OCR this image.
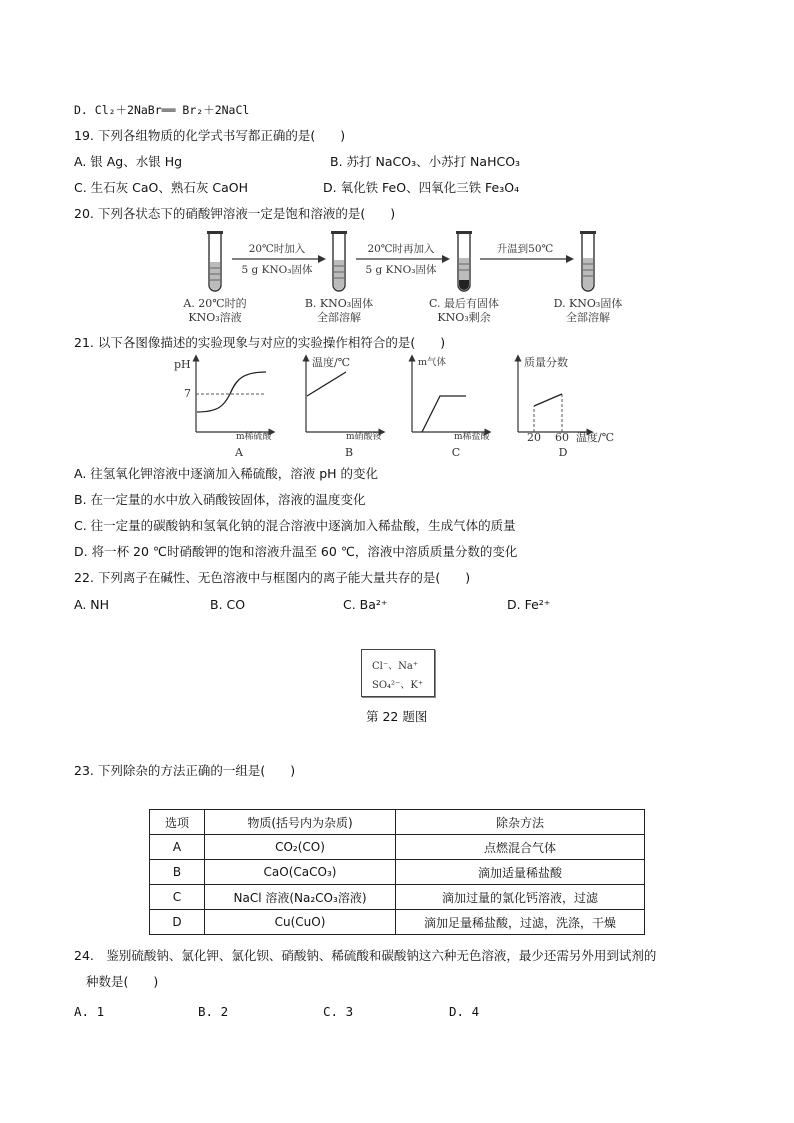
D. Cl₂＋2NaBr══ Br₂＋2NaCl
19. 下列各组物质的化学式书写都正确的是(　　)
A. 银 Ag、水银 Hg	B. 苏打 NaCO₃、小苏打 NaHCO₃
C. 生石灰 CaO、熟石灰 CaOH	D. 氧化铁 FeO、四氧化三铁 Fe₃O₄
20. 下列各状态下的硝酸钾溶液一定是饱和溶液的是(　　)
20℃时加入
5 g KNO₃固体
20℃时再加入
5 g KNO₃固体
升温到50℃
A. 20℃时的
KNO₃溶液
B. KNO₃固体
全部溶解
C. 最后有固体
KNO₃剩余
D. KNO₃固体
全部溶解
21. 以下各图像描述的实验现象与对应的实验操作相符合的是(　　)
pH
7
m稀硫酸
A
温度/℃
m硝酸铵
B
m气体
m稀盐酸
C
质量分数
20 60 温度/℃
D
A. 往氢氧化钾溶液中逐滴加入稀硫酸，溶液 pH 的变化
B. 在一定量的水中放入硝酸铵固体，溶液的温度变化
C. 往一定量的碳酸钠和氢氧化钠的混合溶液中逐滴加入稀盐酸，生成气体的质量
D. 将一杯 20 ℃时硝酸钾的饱和溶液升温至 60 ℃，溶液中溶质质量分数的变化
22. 下列离子在碱性、无色溶液中与框图内的离子能大量共存的是(　　)
A. NH	B. CO	C. Ba²⁺	D. Fe²⁺
Cl⁻、Na⁺
SO₄²⁻、K⁺
第 22 题图
23. 下列除杂的方法正确的一组是(　　)
选项	物质(括号内为杂质)	除杂方法
A	CO₂(CO)	点燃混合气体
B	CaO(CaCO₃)	滴加适量稀盐酸
C	NaCl 溶液(Na₂CO₃溶液)	滴加过量的氯化钙溶液，过滤
D	Cu(CuO)	滴加足量稀盐酸，过滤，洗涤，干燥
24.　鉴别硫酸钠、氯化钾、氯化钡、硝酸钠、稀硫酸和碳酸钠这六种无色溶液，最少还需另外用到试剂的
种数是(　　)
A. 1	B. 2	C. 3	D. 4
